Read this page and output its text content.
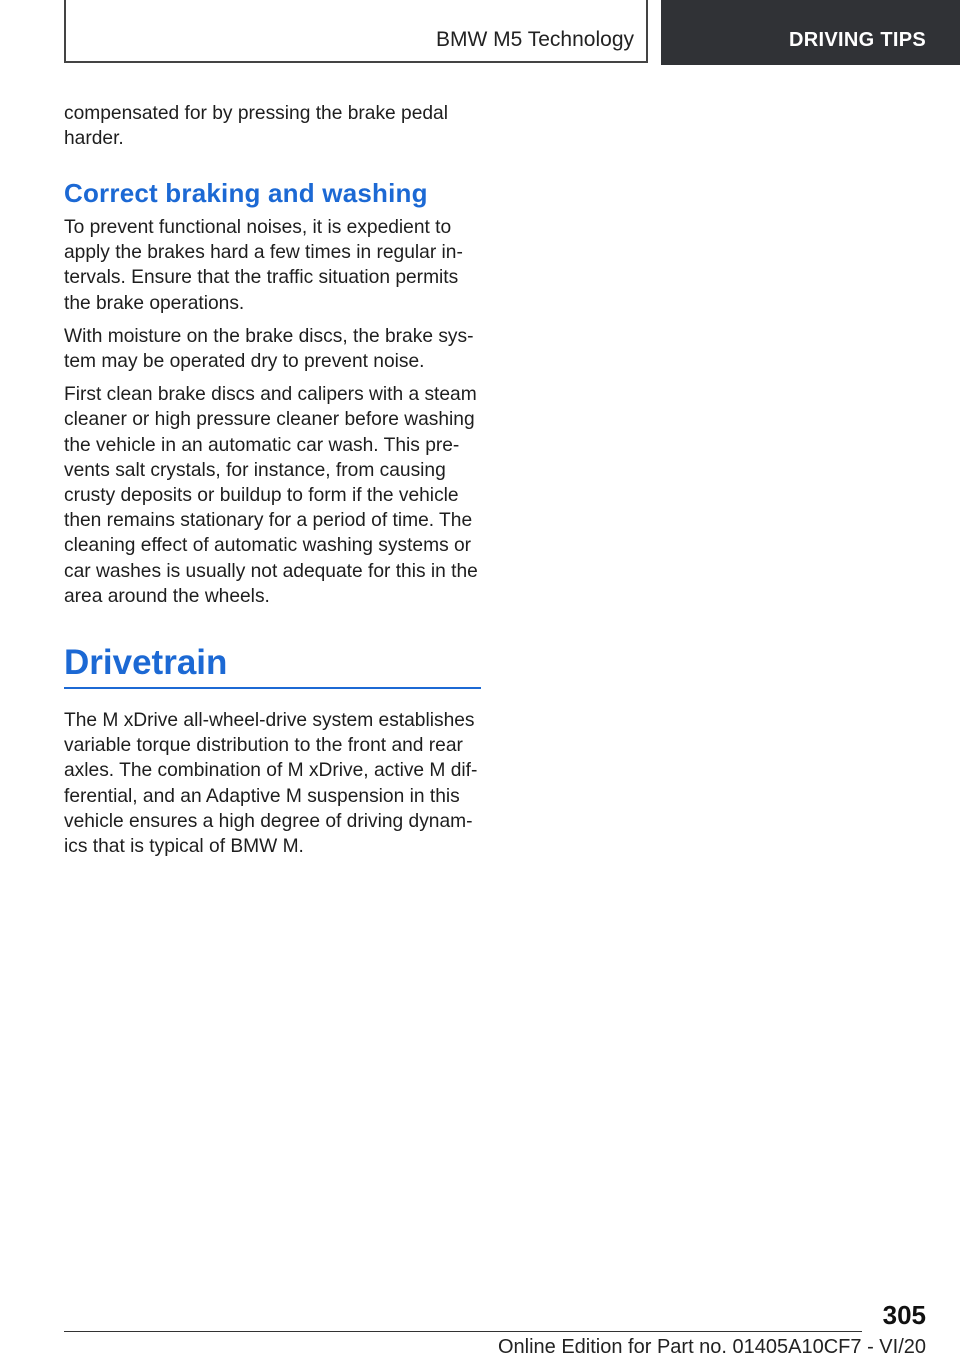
BMW M5 Technology	DRIVING TIPS

compensated for by pressing the brake pedal harder.

Correct braking and washing

To prevent functional noises, it is expedient to apply the brakes hard a few times in regular intervals. Ensure that the traffic situation permits the brake operations.

With moisture on the brake discs, the brake system may be operated dry to prevent noise.

First clean brake discs and calipers with a steam cleaner or high pressure cleaner before washing the vehicle in an automatic car wash. This prevents salt crystals, for instance, from causing crusty deposits or buildup to form if the vehicle then remains stationary for a period of time. The cleaning effect of automatic washing systems or car washes is usually not adequate for this in the area around the wheels.

Drivetrain

The M xDrive all-wheel-drive system establishes variable torque distribution to the front and rear axles. The combination of M xDrive, active M differential, and an Adaptive M suspension in this vehicle ensures a high degree of driving dynamics that is typical of BMW M.

305
Online Edition for Part no. 01405A10CF7 - VI/20
